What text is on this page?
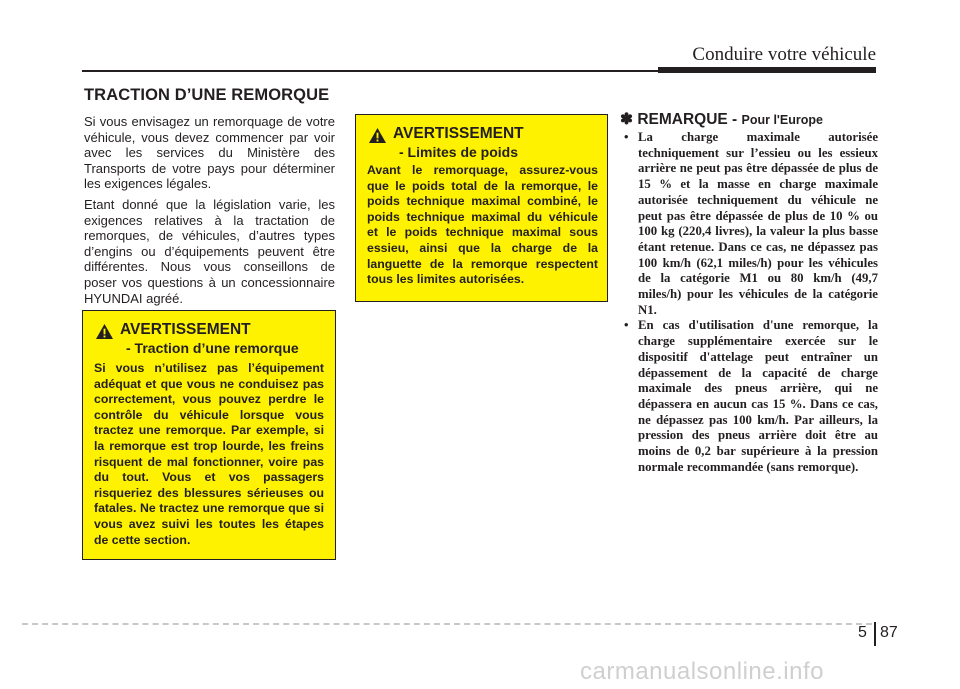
Conduire votre véhicule
TRACTION D’UNE REMORQUE

Si vous envisagez un remorquage de votre véhicule, vous devez commencer par voir avec les services du Ministère des Transports de votre pays pour déterminer les exigences légales.

Etant donné que la législation varie, les exigences relatives à la tractation de remorques, de véhicules, d’autres types d’engins ou d’équipements peuvent être différentes. Nous vous conseillons de poser vos questions à un concessionnaire HYUNDAI agréé.

AVERTISSEMENT
- Traction d’une remorque
Si vous n’utilisez pas l’équipement adéquat et que vous ne conduisez pas correctement, vous pouvez perdre le contrôle du véhicule lorsque vous tractez une remorque. Par exemple, si la remorque est trop lourde, les freins risquent de mal fonctionner, voire pas du tout. Vous et vos passagers risqueriez des blessures sérieuses ou fatales. Ne tractez une remorque que si vous avez suivi les toutes les étapes de cette section.
AVERTISSEMENT
- Limites de poids
Avant le remorquage, assurez-vous que le poids total de la remorque, le poids technique maximal combiné, le poids technique maximal du véhicule et le poids technique maximal sous essieu, ainsi que la charge de la languette de la remorque respectent tous les limites autorisées.
✽ REMARQUE - Pour l'Europe
• La charge maximale autorisée techniquement sur l’essieu ou les essieux arrière ne peut pas être dépassée de plus de 15 % et la masse en charge maximale autorisée techniquement du véhicule ne peut pas être dépassée de plus de 10 % ou 100 kg (220,4 livres), la valeur la plus basse étant retenue. Dans ce cas, ne dépassez pas 100 km/h (62,1 miles/h) pour les véhicules de la catégorie M1 ou 80 km/h (49,7 miles/h) pour les véhicules de la catégorie N1.
• En cas d'utilisation d'une remorque, la charge supplémentaire exercée sur le dispositif d'attelage peut entraîner un dépassement de la capacité de charge maximale des pneus arrière, qui ne dépassera en aucun cas 15 %. Dans ce cas, ne dépassez pas 100 km/h. Par ailleurs, la pression des pneus arrière doit être au moins de 0,2 bar supérieure à la pression normale recommandée (sans remorque).
5 87
carmanualsonline.info
